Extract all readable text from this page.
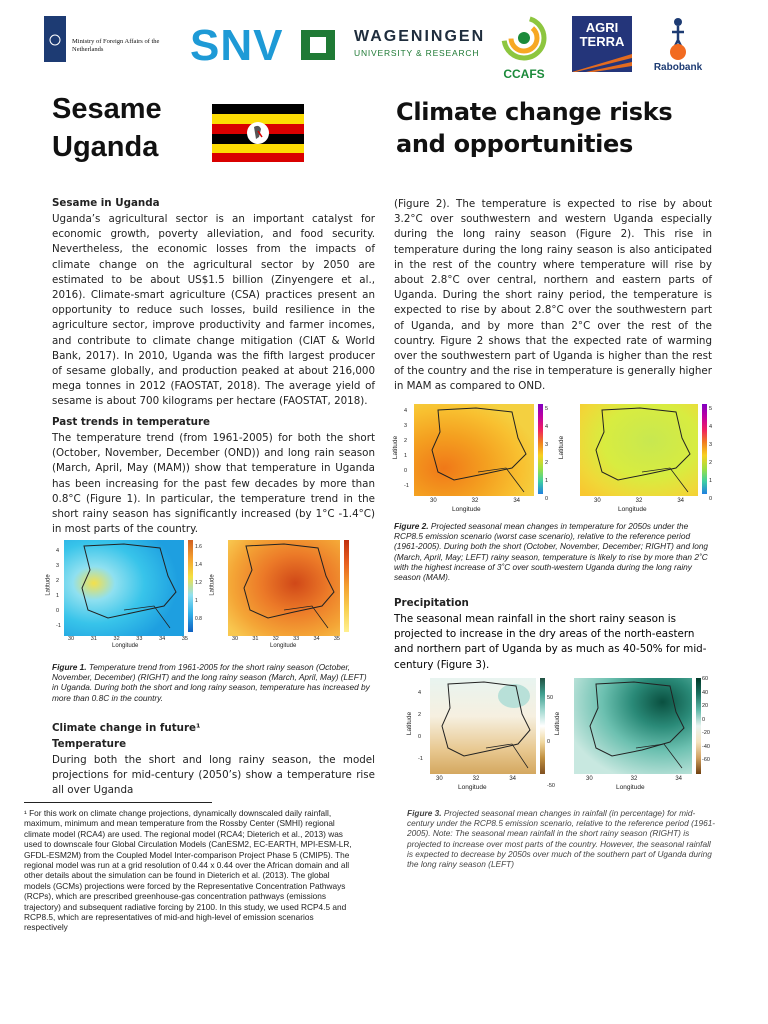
Ministry of Foreign Affairs of the Netherlands	SNV	WAGENINGEN
UNIVERSITY & RESEARCH
CCAFS
AGRI
TERRA
Rabobank
Sesame
Uganda
Climate change risks
and opportunities
Sesame in Uganda
Uganda’s agricultural sector is an important catalyst for economic growth, poverty alleviation, and food security. Nevertheless, the economic losses from the impacts of climate change on the agricultural sector by 2050 are estimated to be about US$1.5 billion (Zinyengere et al., 2016). Climate-smart agriculture (CSA) practices present an opportunity to reduce such losses, build resilience in the agriculture sector, improve productivity and farmer incomes, and contribute to climate change mitigation (CIAT & World Bank, 2017). In 2010, Uganda was the fifth largest producer of sesame globally, and production peaked at about 216,000 mega tonnes in 2012 (FAOSTAT, 2018). The average yield of sesame is about 700 kilograms per hectare (FAOSTAT, 2018).
Past trends in temperature
The temperature trend (from 1961-2005) for both the short (October, November, December (OND)) and long rain season (March, April, May (MAM)) show that temperature in Uganda has been increasing for the past few decades by more than 0.8°C (Figure 1). In particular, the temperature trend in the short rainy season has significantly increased (by 1°C -1.4°C) in most parts of the country.
1.6
1.4
1.2
1
0.8
Latitude
4
3
2
1
0
-1
30	31	32	33	34	35
Latitude
30	31	32	33	34	35
Longitude	Longitude
Figure 1. Temperature trend from 1961-2005 for the short rainy season (October, November, December) (RIGHT) and the long rainy season (March, April, May) (LEFT) in Uganda. During both the short and long rainy season, temperature has increased by more than 0.8C in the country.
Climate change in future¹
Temperature
During both the short and long rainy season, the model projections for mid-century (2050’s) show a temperature rise all over Uganda
¹ For this work on climate change projections, dynamically downscaled daily rainfall, maximum, minimum and mean temperature from the Rossby Center (SMHI) regional climate model (RCA4) are used. The regional model (RCA4; Dieterich et al., 2013) was used to downscale four Global Circulation Models (CanESM2, EC-EARTH, MPI-ESM-LR, GFDL-ESM2M) from the Coupled Model Inter-comparison Project Phase 5 (CMIP5). The regional model was run at a grid resolution of 0.44 x 0.44 over the African domain and all other details about the simulation can be found in Dieterich et al. (2013). The global models (GCMs) projections were forced by the Representative Concentration Pathways (RCPs), which are prescribed greenhouse-gas concentration pathways (emissions trajectory) and subsequent radiative forcing by 2100. In this study, we used RCP4.5 and RCP8.5, which are representatives of mid-and high-level of emission scenarios respectively
(Figure 2). The temperature is expected to rise by about 3.2°C over southwestern and western Uganda especially during the long rainy season (Figure 2). This rise in temperature during the long rainy season is also anticipated in the rest of the country where temperature will rise by about 2.8°C over central, northern and eastern parts of Uganda. During the short rainy period, the temperature is expected to rise by about 2.8°C over the southwestern part of Uganda, and by more than 2°C over the rest of the country. Figure 2 shows that the expected rate of warming over the southwestern part of Uganda is higher than the rest of the country and the rise in temperature is generally higher in MAM as compared to OND.
5
4
3
2
1
0
4
3
2
1
0
-1
Latitude
30	32	34
Longitude
5
4
3
2
1
0
Latitude
30	32	34
Longitude
Figure 2. Projected seasonal mean changes in temperature for 2050s under the RCP8.5 emission scenario (worst case scenario), relative to the reference period (1961-2005). During both the short (October, November, December; RIGHT) and long (March, April, May; LEFT) rainy season, temperature is likely to rise by more than 2˚C with the highest increase of 3˚C over south-western Uganda during the long rainy season (MAM).
Precipitation
The seasonal mean rainfall in the short rainy season is projected to increase in the dry areas of the north-eastern and northern part of Uganda by as much as 40-50% for mid-century (Figure 3).
50
0
-50
4
2
0
-1
Latitude
30	32	34
Longitude
60
40
20
0
-20
-40
-60
Latitude
30	32	34
Longitude
Figure 3. Projected seasonal mean changes in rainfall (in percentage) for mid-century under the RCP8.5 emission scenario, relative to the reference period (1961-2005). Note: The seasonal mean rainfall in the short rainy season (RIGHT) is projected to increase over most parts of the country. However, the seasonal rainfall is expected to decrease by 2050s over much of the southern part of Uganda during the long rainy season (LEFT)
